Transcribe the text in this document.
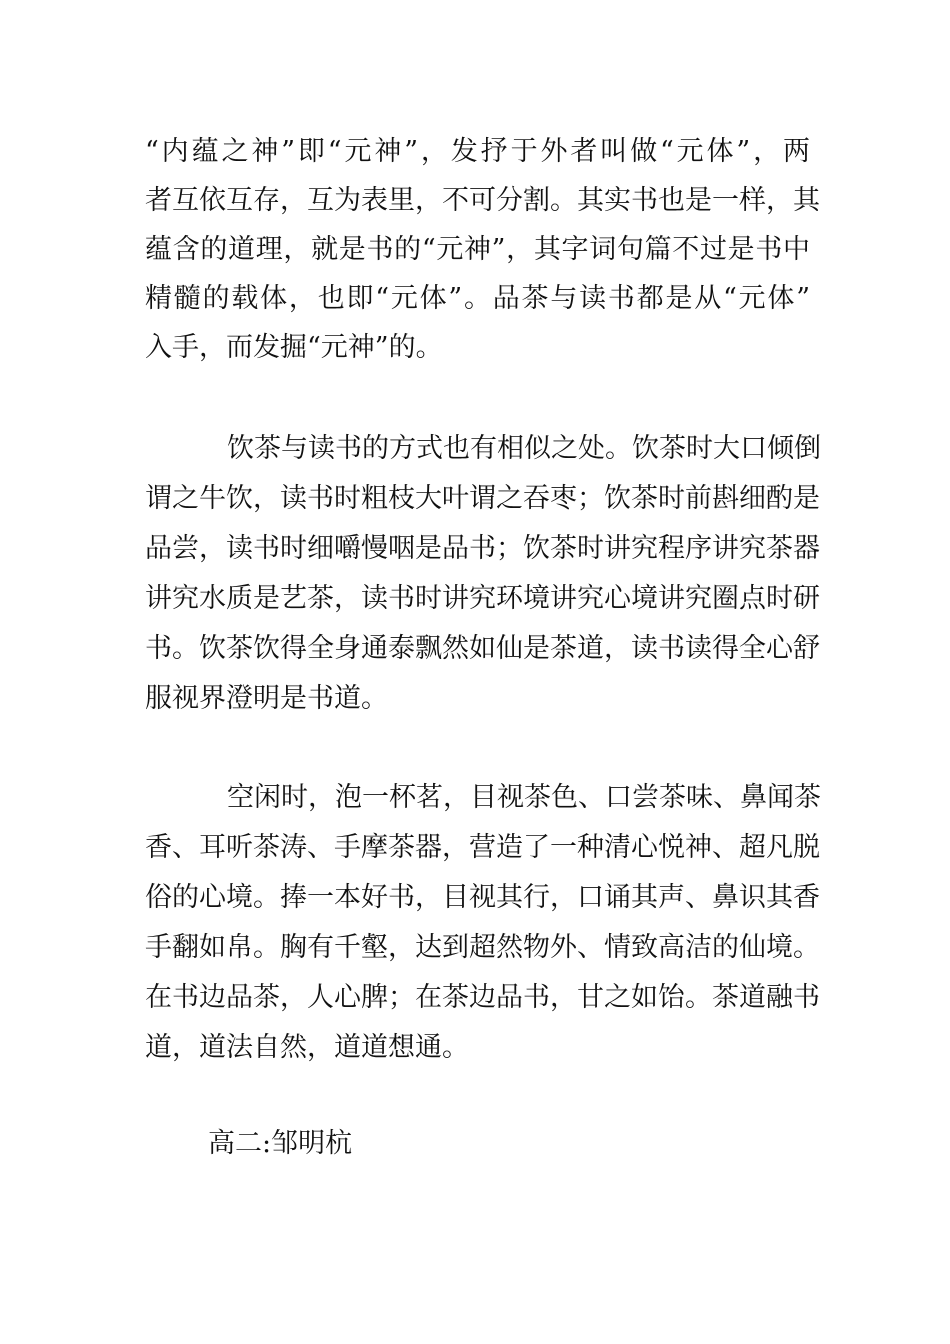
“内蕴之神”即“元神”，发抒于外者叫做“元体”，两
者互依互存，互为表里，不可分割。其实书也是一样，其
蕴含的道理，就是书的“元神”，其字词句篇不过是书中
精髓的载体，也即“元体”。品茶与读书都是从“元体”
入手，而发掘“元神”的。
饮茶与读书的方式也有相似之处。饮茶时大口倾倒
谓之牛饮，读书时粗枝大叶谓之吞枣；饮茶时前斟细酌是
品尝，读书时细嚼慢咽是品书；饮茶时讲究程序讲究茶器
讲究水质是艺茶，读书时讲究环境讲究心境讲究圈点时研
书。饮茶饮得全身通泰飘然如仙是茶道，读书读得全心舒
服视界澄明是书道。
空闲时，泡一杯茗，目视茶色、口尝茶味、鼻闻茶
香、耳听茶涛、手摩茶器，营造了一种清心悦神、超凡脱
俗的心境。捧一本好书，目视其行，口诵其声、鼻识其香
手翻如帛。胸有千壑，达到超然物外、情致高洁的仙境。
在书边品茶，人心脾；在茶边品书，甘之如饴。茶道融书
道，道法自然，道道想通。
高二:邹明杭
